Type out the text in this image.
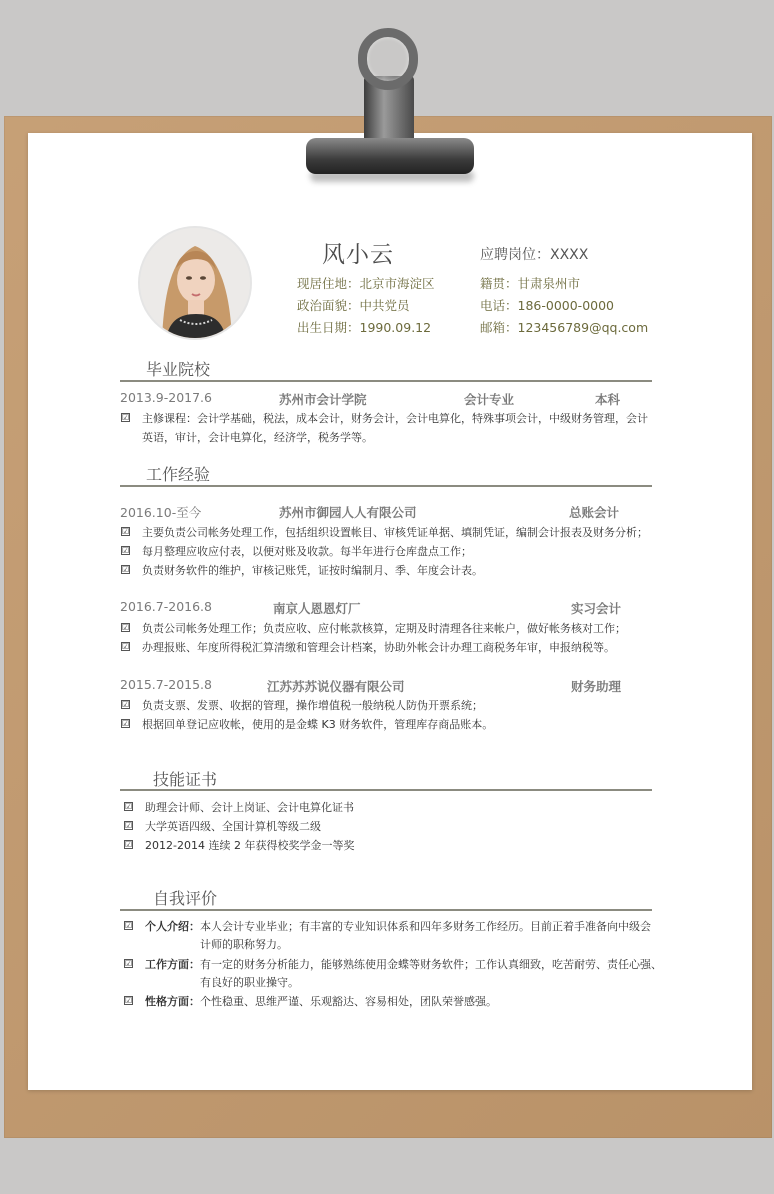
风小云	应聘岗位：XXXX
现居住地：北京市海淀区
政治面貌：中共党员
出生日期：1990.09.12
籍贯：甘肃泉州市
电话：186-0000-0000
邮箱：123456789@qq.com
毕业院校
2013.9-2017.6	苏州市会计学院	会计专业	本科
☑ 主修课程：会计学基础，税法，成本会计，财务会计，会计电算化，特殊事项会计，中级财务管理，会计
英语，审计，会计电算化，经济学，税务学等。
工作经验
2016.10-至今	苏州市御园人人有限公司	总账会计
☑ 主要负责公司帐务处理工作，包括组织设置帐目、审核凭证单据、填制凭证，编制会计报表及财务分析；
☑ 每月整理应收应付表，以便对账及收款。每半年进行仓库盘点工作；
☑ 负责财务软件的维护，审核记账凭，证按时编制月、季、年度会计表。
2016.7-2016.8	南京人恩恩灯厂	实习会计
☑ 负责公司帐务处理工作；负责应收、应付帐款核算，定期及时清理各往来帐户，做好帐务核对工作；
☑ 办理报账、年度所得税汇算清缴和管理会计档案，协助外帐会计办理工商税务年审，申报纳税等。
2015.7-2015.8	江苏苏苏说仪器有限公司	财务助理
☑ 负责支票、发票、收据的管理，操作增值税一般纳税人防伪开票系统；
☑ 根据回单登记应收帐，使用的是金蝶 K3 财务软件，管理库存商品账本。
技能证书
☑ 助理会计师、会计上岗证、会计电算化证书
☑ 大学英语四级、全国计算机等级二级
☑ 2012-2014 连续 2 年获得校奖学金一等奖
自我评价
☑ 个人介绍：本人会计专业毕业；有丰富的专业知识体系和四年多财务工作经历。目前正着手准备向中级会
计师的职称努力。
☑ 工作方面：有一定的财务分析能力，能够熟练使用金蝶等财务软件；工作认真细致，吃苦耐劳、责任心强、
有良好的职业操守。
☑ 性格方面：个性稳重、思维严谨、乐观豁达、容易相处，团队荣誉感强。
